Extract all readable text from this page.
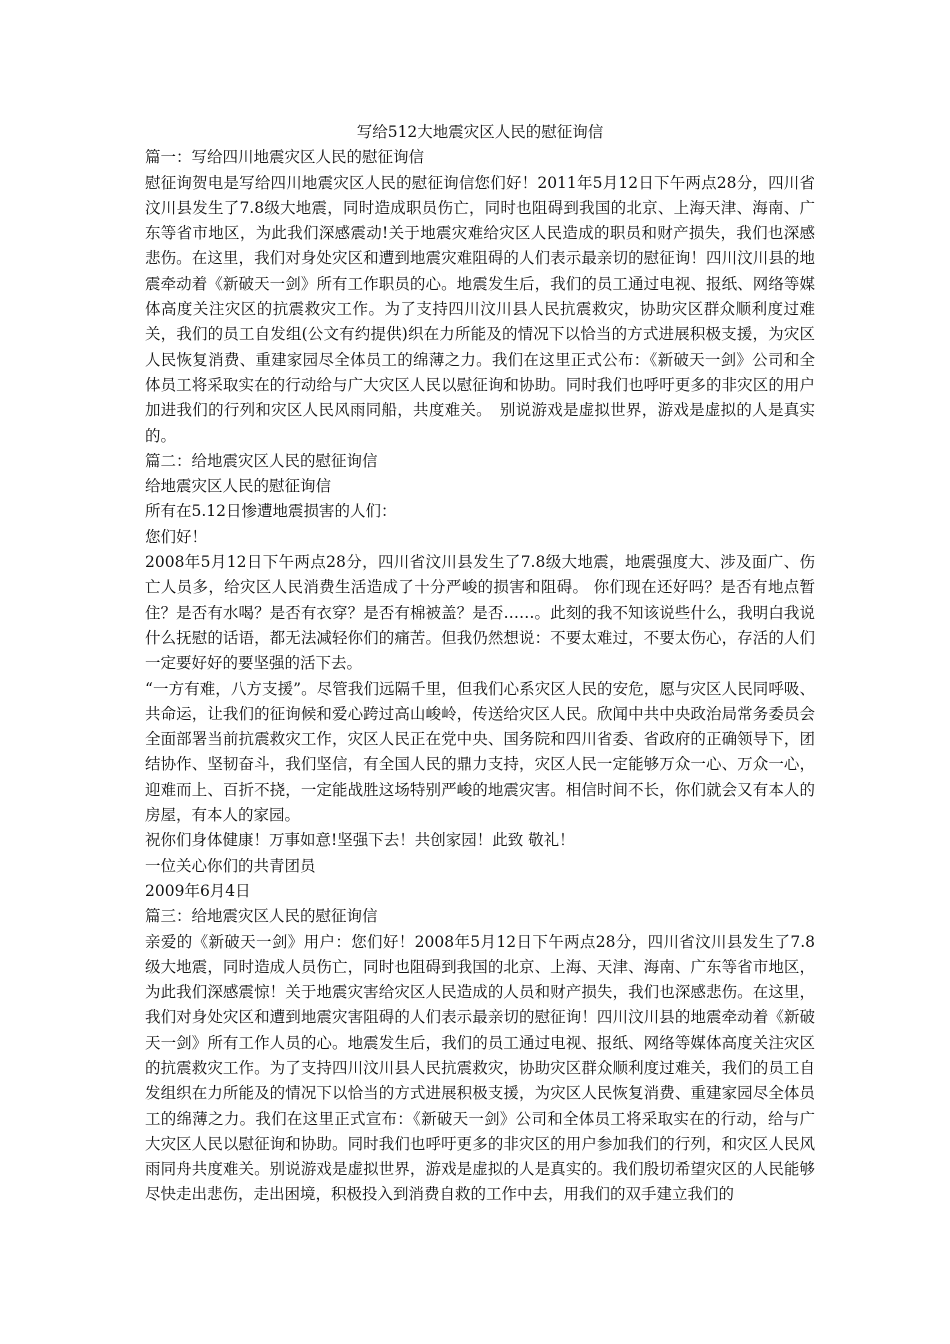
写给512大地震灾区人民的慰征询信

篇一：写给四川地震灾区人民的慰征询信

慰征询贺电是写给四川地震灾区人民的慰征询信您们好！2011年5月12日下午两点28分，四川省汶川县发生了7.8级大地震，同时造成职员伤亡，同时也阻碍到我国的北京、上海天津、海南、广东等省市地区，为此我们深感震动!关于地震灾难给灾区人民造成的职员和财产损失，我们也深感悲伤。在这里，我们对身处灾区和遭到地震灾难阻碍的人们表示最亲切的慰征询！四川汶川县的地震牵动着《新破天一剑》所有工作职员的心。地震发生后，我们的员工通过电视、报纸、网络等媒体高度关注灾区的抗震救灾工作。为了支持四川汶川县人民抗震救灾，协助灾区群众顺利度过难关，我们的员工自发组(公文有约提供)织在力所能及的情况下以恰当的方式进展积极支援，为灾区人民恢复消费、重建家园尽全体员工的绵薄之力。我们在这里正式公布：《新破天一剑》公司和全体员工将采取实在的行动给与广大灾区人民以慰征询和协助。同时我们也呼吁更多的非灾区的用户加进我们的行列和灾区人民风雨同船，共度难关。　别说游戏是虚拟世界，游戏是虚拟的人是真实的。

篇二：给地震灾区人民的慰征询信

给地震灾区人民的慰征询信

所有在5.12日惨遭地震损害的人们：

您们好！

2008年5月12日下午两点28分，四川省汶川县发生了7.8级大地震，地震强度大、涉及面广、伤亡人员多，给灾区人民消费生活造成了十分严峻的损害和阻碍。 你们现在还好吗？是否有地点暂住？是否有水喝？是否有衣穿？是否有棉被盖？是否……。此刻的我不知该说些什么，我明白我说什么抚慰的话语，都无法减轻你们的痛苦。但我仍然想说：不要太难过，不要太伤心，存活的人们一定要好好的要坚强的活下去。

“一方有难，八方支援”。尽管我们远隔千里，但我们心系灾区人民的安危，愿与灾区人民同呼吸、共命运，让我们的征询候和爱心跨过高山峻岭，传送给灾区人民。欣闻中共中央政治局常务委员会全面部署当前抗震救灾工作，灾区人民正在党中央、国务院和四川省委、省政府的正确领导下，团结协作、坚韧奋斗，我们坚信，有全国人民的鼎力支持，灾区人民一定能够万众一心、万众一心，迎难而上、百折不挠，一定能战胜这场特别严峻的地震灾害。相信时间不长，你们就会又有本人的房屋，有本人的家园。

祝你们身体健康！万事如意!坚强下去！共创家园！此致 敬礼！

一位关心你们的共青团员

2009年6月4日

篇三：给地震灾区人民的慰征询信

亲爱的《新破天一剑》用户：您们好！2008年5月12日下午两点28分，四川省汶川县发生了7.8级大地震，同时造成人员伤亡，同时也阻碍到我国的北京、上海、天津、海南、广东等省市地区，为此我们深感震惊！关于地震灾害给灾区人民造成的人员和财产损失，我们也深感悲伤。在这里，我们对身处灾区和遭到地震灾害阻碍的人们表示最亲切的慰征询！四川汶川县的地震牵动着《新破天一剑》所有工作人员的心。地震发生后，我们的员工通过电视、报纸、网络等媒体高度关注灾区的抗震救灾工作。为了支持四川汶川县人民抗震救灾，协助灾区群众顺利度过难关，我们的员工自发组织在力所能及的情况下以恰当的方式进展积极支援，为灾区人民恢复消费、重建家园尽全体员工的绵薄之力。我们在这里正式宣布：《新破天一剑》公司和全体员工将采取实在的行动，给与广大灾区人民以慰征询和协助。同时我们也呼吁更多的非灾区的用户参加我们的行列，和灾区人民风雨同舟共度难关。别说游戏是虚拟世界，游戏是虚拟的人是真实的。我们殷切希望灾区的人民能够尽快走出悲伤，走出困境，积极投入到消费自救的工作中去，用我们的双手建立我们的
